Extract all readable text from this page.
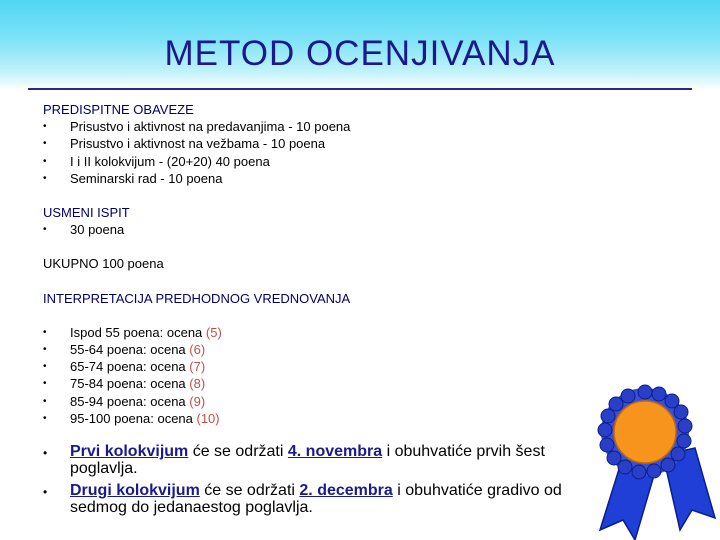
METOD OCENJIVANJA
PREDISPITNE OBAVEZE
• Prisustvo i aktivnost na predavanjima - 10 poena
• Prisustvo i aktivnost na vežbama - 10 poena
• I i II kolokvijum - (20+20) 40 poena
• Seminarski rad - 10 poena
USMENI ISPIT
• 30 poena
UKUPNO 100 poena
INTERPRETACIJA PREDHODNOG VREDNOVANJA
• Ispod 55 poena: ocena (5)
• 55-64 poena: ocena (6)
• 65-74 poena: ocena (7)
• 75-84 poena: ocena (8)
• 85-94 poena: ocena (9)
• 95-100 poena: ocena (10)
• Prvi kolokvijum će se održati 4. novembra i obuhvatiće prvih šest poglavlja.
• Drugi kolokvijum će se održati 2. decembra i obuhvatiće gradivo od sedmog do jedanaestog poglavlja.
